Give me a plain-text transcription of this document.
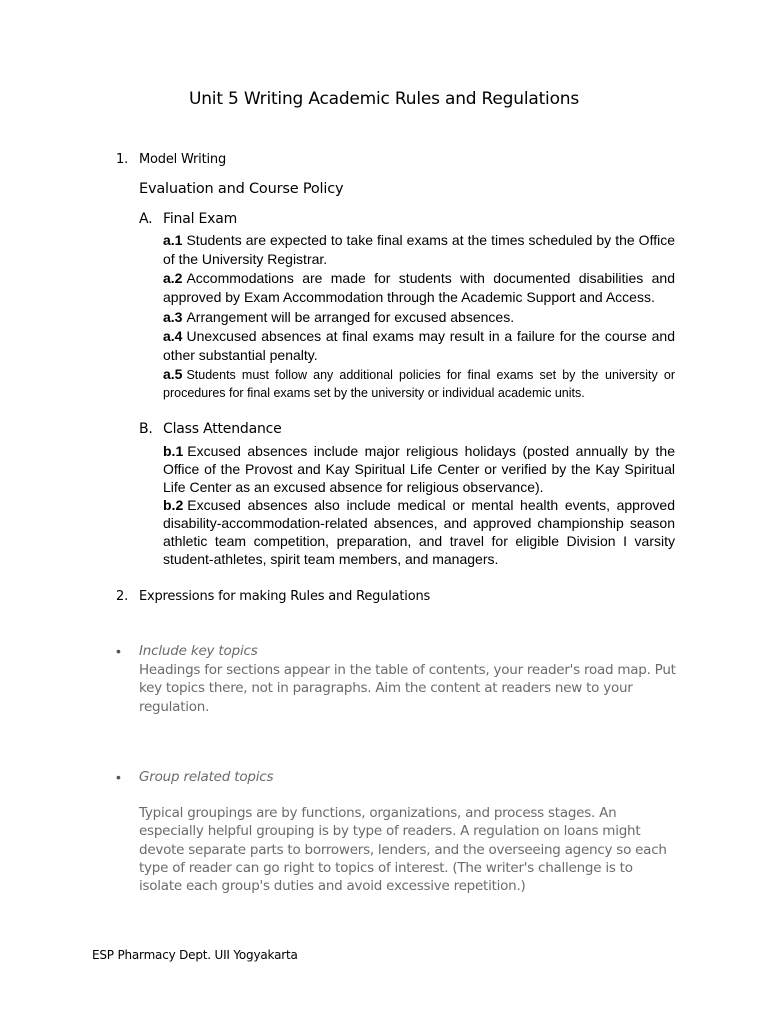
Unit 5 Writing Academic Rules and Regulations
1. Model Writing
Evaluation and Course Policy
A. Final Exam
a.1 Students are expected to take final exams at the times scheduled by the Office of the University Registrar.
a.2 Accommodations are made for students with documented disabilities and approved by Exam Accommodation through the Academic Support and Access.
a.3 Arrangement will be arranged for excused absences.
a.4 Unexcused absences at final exams may result in a failure for the course and other substantial penalty.
a.5 Students must follow any additional policies for final exams set by the university or procedures for final exams set by the university or individual academic units.
B. Class Attendance
b.1 Excused absences include major religious holidays (posted annually by the Office of the Provost and Kay Spiritual Life Center or verified by the Kay Spiritual Life Center as an excused absence for religious observance).
b.2 Excused absences also include medical or mental health events, approved disability-accommodation-related absences, and approved championship season athletic team competition, preparation, and travel for eligible Division I varsity student-athletes, spirit team members, and managers.
2. Expressions for making Rules and Regulations
• Include key topics
Headings for sections appear in the table of contents, your reader's road map. Put key topics there, not in paragraphs. Aim the content at readers new to your regulation.
• Group related topics
Typical groupings are by functions, organizations, and process stages. An especially helpful grouping is by type of readers. A regulation on loans might devote separate parts to borrowers, lenders, and the overseeing agency so each type of reader can go right to topics of interest. (The writer's challenge is to isolate each group's duties and avoid excessive repetition.)
ESP Pharmacy Dept. UII Yogyakarta
